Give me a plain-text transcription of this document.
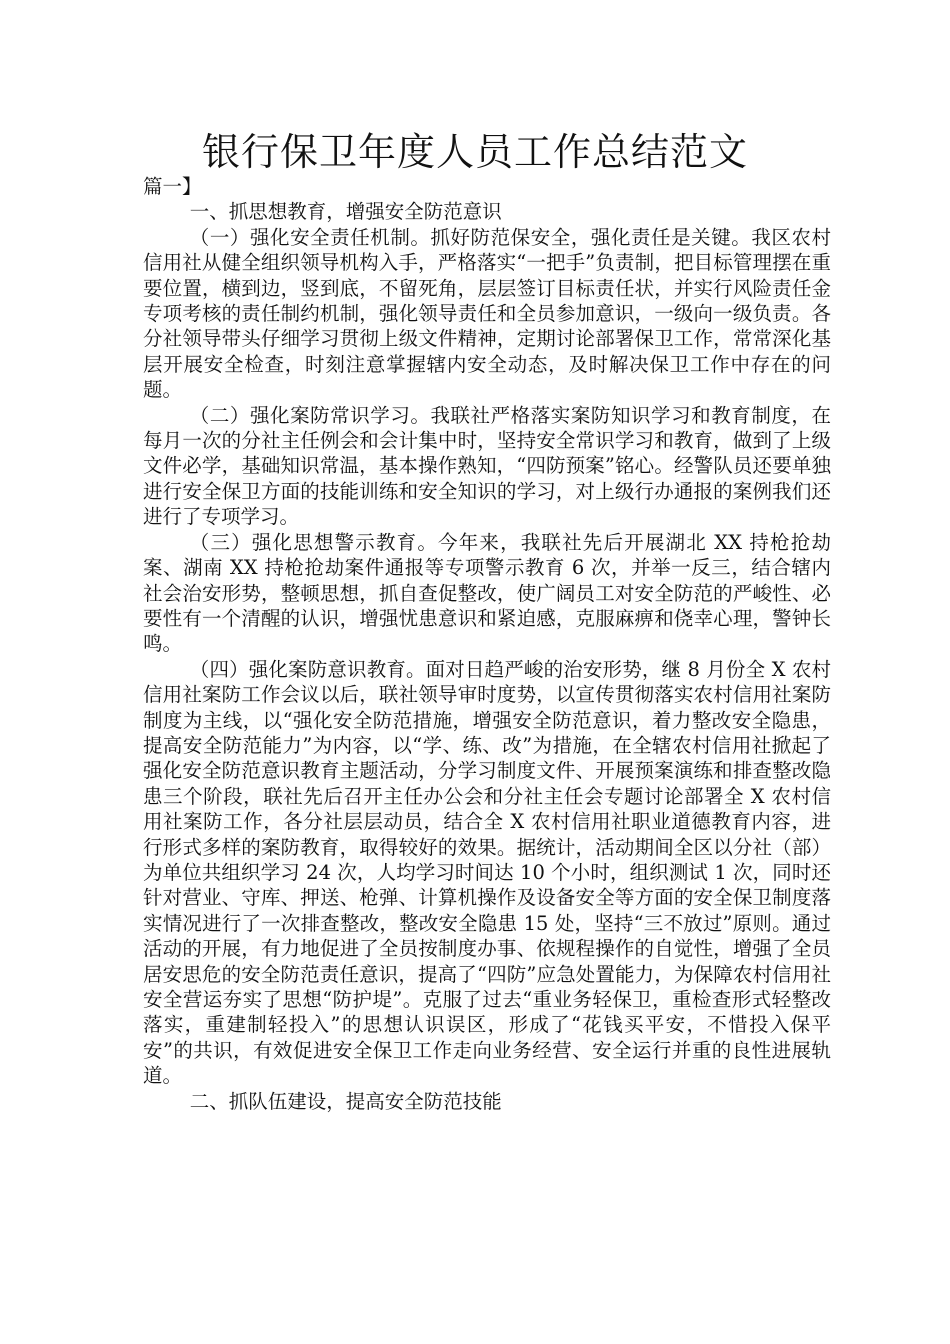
银行保卫年度人员工作总结范文

篇一】

一、抓思想教育，增强安全防范意识

（一）强化安全责任机制。抓好防范保安全，强化责任是关键。我区农村信用社从健全组织领导机构入手，严格落实“一把手”负责制，把目标管理摆在重要位置，横到边，竖到底，不留死角，层层签订目标责任状，并实行风险责任金专项考核的责任制约机制，强化领导责任和全员参加意识，一级向一级负责。各分社领导带头仔细学习贯彻上级文件精神，定期讨论部署保卫工作，常常深化基层开展安全检查，时刻注意掌握辖内安全动态，及时解决保卫工作中存在的问题。

（二）强化案防常识学习。我联社严格落实案防知识学习和教育制度，在每月一次的分社主任例会和会计集中时，坚持安全常识学习和教育，做到了上级文件必学，基础知识常温，基本操作熟知，“四防预案”铭心。经警队员还要单独进行安全保卫方面的技能训练和安全知识的学习，对上级行办通报的案例我们还进行了专项学习。

（三）强化思想警示教育。今年来，我联社先后开展湖北 XX 持枪抢劫案、湖南 XX 持枪抢劫案件通报等专项警示教育 6 次，并举一反三，结合辖内社会治安形势，整顿思想，抓自查促整改，使广阔员工对安全防范的严峻性、必要性有一个清醒的认识，增强忧患意识和紧迫感，克服麻痹和侥幸心理，警钟长鸣。

（四）强化案防意识教育。面对日趋严峻的治安形势，继 8 月份全 X 农村信用社案防工作会议以后，联社领导审时度势，以宣传贯彻落实农村信用社案防制度为主线，以“强化安全防范措施，增强安全防范意识，着力整改安全隐患，提高安全防范能力”为内容，以“学、练、改”为措施，在全辖农村信用社掀起了强化安全防范意识教育主题活动，分学习制度文件、开展预案演练和排查整改隐患三个阶段，联社先后召开主任办公会和分社主任会专题讨论部署全 X 农村信用社案防工作，各分社层层动员，结合全 X 农村信用社职业道德教育内容，进行形式多样的案防教育，取得较好的效果。据统计，活动期间全区以分社（部）为单位共组织学习 24 次，人均学习时间达 10 个小时，组织测试 1 次，同时还针对营业、守库、押送、枪弹、计算机操作及设备安全等方面的安全保卫制度落实情况进行了一次排查整改，整改安全隐患 15 处，坚持“三不放过”原则。通过活动的开展，有力地促进了全员按制度办事、依规程操作的自觉性，增强了全员居安思危的安全防范责任意识，提高了“四防”应急处置能力，为保障农村信用社安全营运夯实了思想“防护堤”。克服了过去“重业务轻保卫，重检查形式轻整改落实，重建制轻投入”的思想认识误区，形成了“花钱买平安，不惜投入保平安”的共识，有效促进安全保卫工作走向业务经营、安全运行并重的良性进展轨道。

二、抓队伍建设，提高安全防范技能
